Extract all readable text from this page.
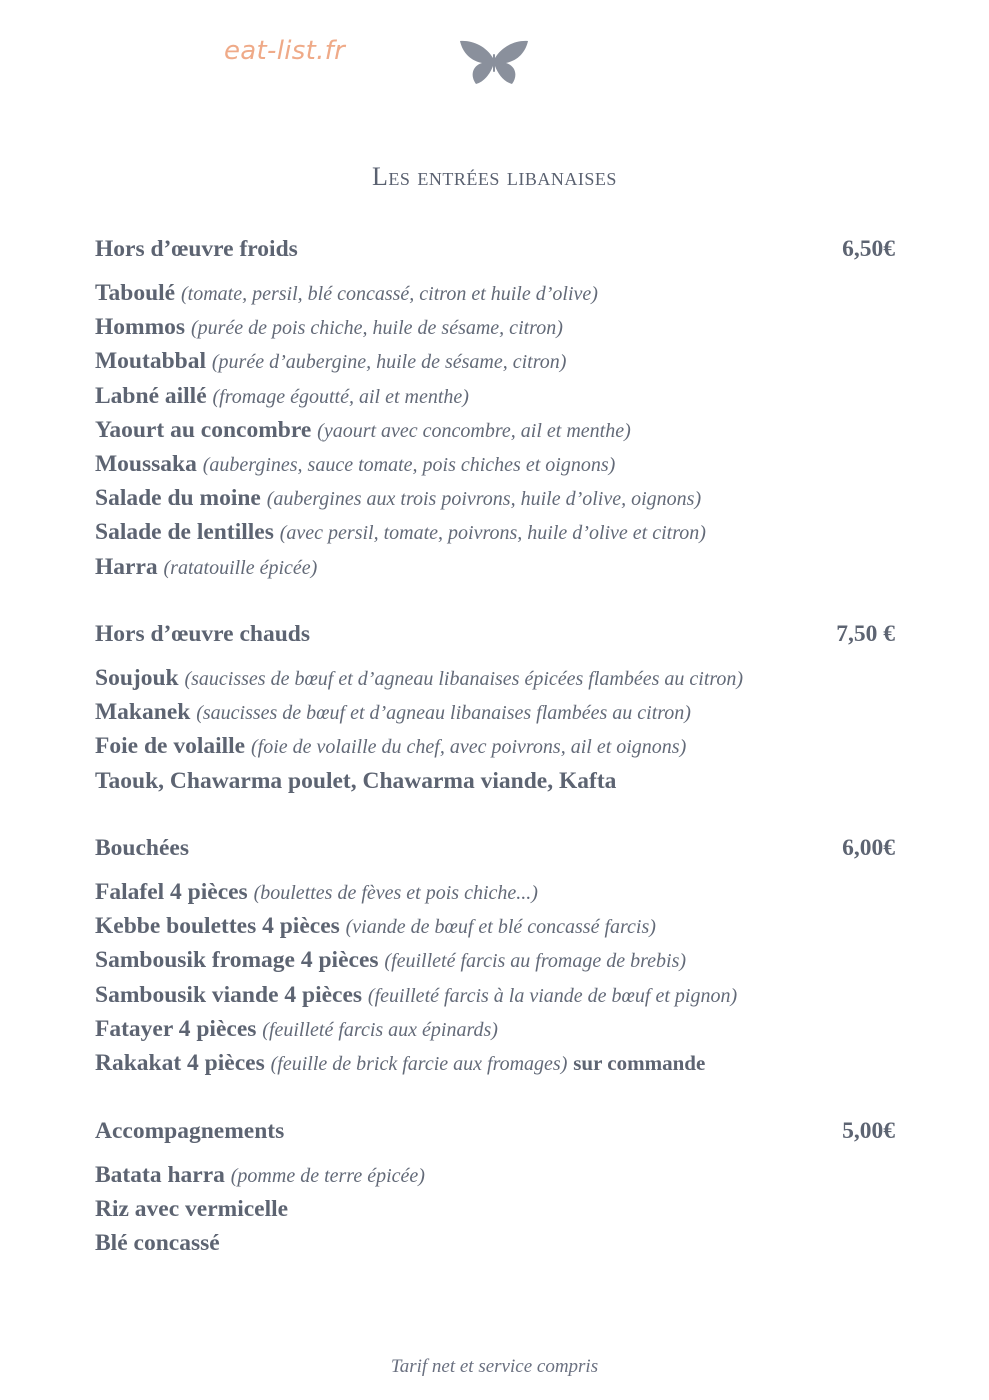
eat-list.fr
Les entrées libanaises
Hors d’œuvre froids	6,50€
Taboulé (tomate, persil, blé concassé, citron et huile d’olive)
Hommos (purée de pois chiche, huile de sésame, citron)
Moutabbal (purée d’aubergine, huile de sésame, citron)
Labné aillé (fromage égoutté, ail et menthe)
Yaourt au concombre (yaourt avec concombre, ail et menthe)
Moussaka (aubergines, sauce tomate, pois chiches et oignons)
Salade du moine (aubergines aux trois poivrons, huile d’olive, oignons)
Salade de lentilles (avec persil, tomate, poivrons, huile d’olive et citron)
Harra (ratatouille épicée)
Hors d’œuvre chauds	7,50 €
Soujouk (saucisses de bœuf et d’agneau libanaises épicées flambées au citron)
Makanek (saucisses de bœuf et d’agneau libanaises flambées au citron)
Foie de volaille (foie de volaille du chef, avec poivrons, ail et oignons)
Taouk, Chawarma poulet, Chawarma viande, Kafta
Bouchées	6,00€
Falafel 4 pièces (boulettes de fèves et pois chiche...)
Kebbe boulettes 4 pièces (viande de bœuf et blé concassé farcis)
Sambousik fromage 4 pièces (feuilleté farcis au fromage de brebis)
Sambousik viande 4 pièces (feuilleté farcis à la viande de bœuf et pignon)
Fatayer 4 pièces (feuilleté farcis aux épinards)
Rakakat 4 pièces (feuille de brick farcie aux fromages) sur commande
Accompagnements	5,00€
Batata harra (pomme de terre épicée)
Riz avec vermicelle
Blé concassé
Tarif net et service compris
